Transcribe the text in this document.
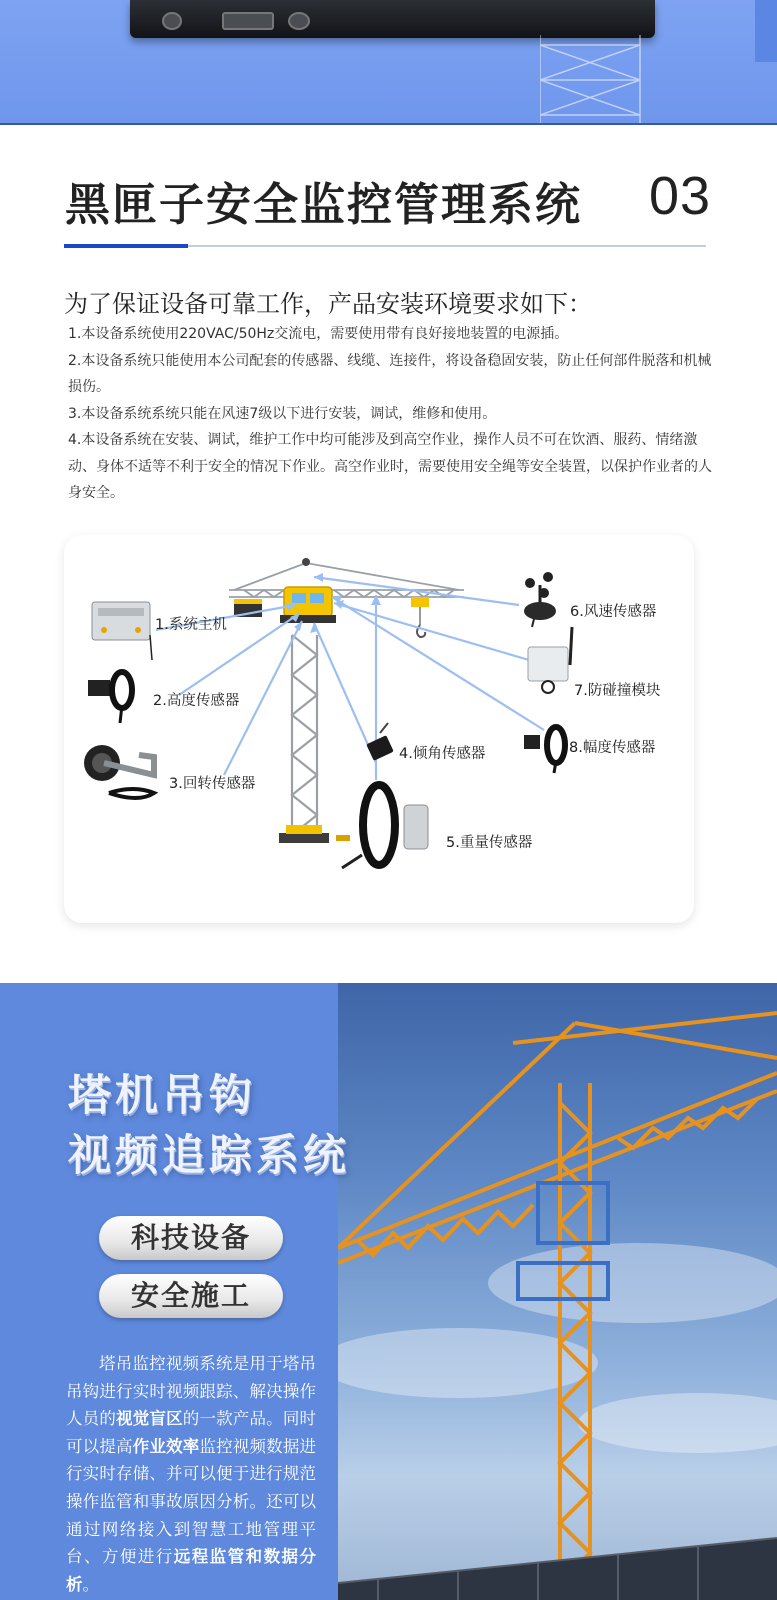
黑匣子安全监控管理系统 03
为了保证设备可靠工作，产品安装环境要求如下：
1.本设备系统使用220VAC/50Hz交流电，需要使用带有良好接地装置的电源插。
2.本设备系统只能使用本公司配套的传感器、线缆、连接件，将设备稳固安装，防止任何部件脱落和机械损伤。
3.本设备系统系统只能在风速7级以下进行安装，调试，维修和使用。
4.本设备系统在安装、调试，维护工作中均可能涉及到高空作业，操作人员不可在饮酒、服药、情绪激动、身体不适等不利于安全的情况下作业。高空作业时，需要使用安全绳等安全装置，以保护作业者的人身安全。
1.系统主机
2.高度传感器
3.回转传感器
4.倾角传感器
5.重量传感器
6.风速传感器
7.防碰撞模块
8.幅度传感器
塔机吊钩
视频追踪系统
科技设备
安全施工

塔吊监控视频系统是用于塔吊吊钩进行实时视频跟踪、解决操作人员的视觉盲区的一款产品。同时可以提高作业效率监控视频数据进行实时存储、并可以便于进行规范操作监管和事故原因分析。还可以通过网络接入到智慧工地管理平台、方便进行远程监管和数据分析。
